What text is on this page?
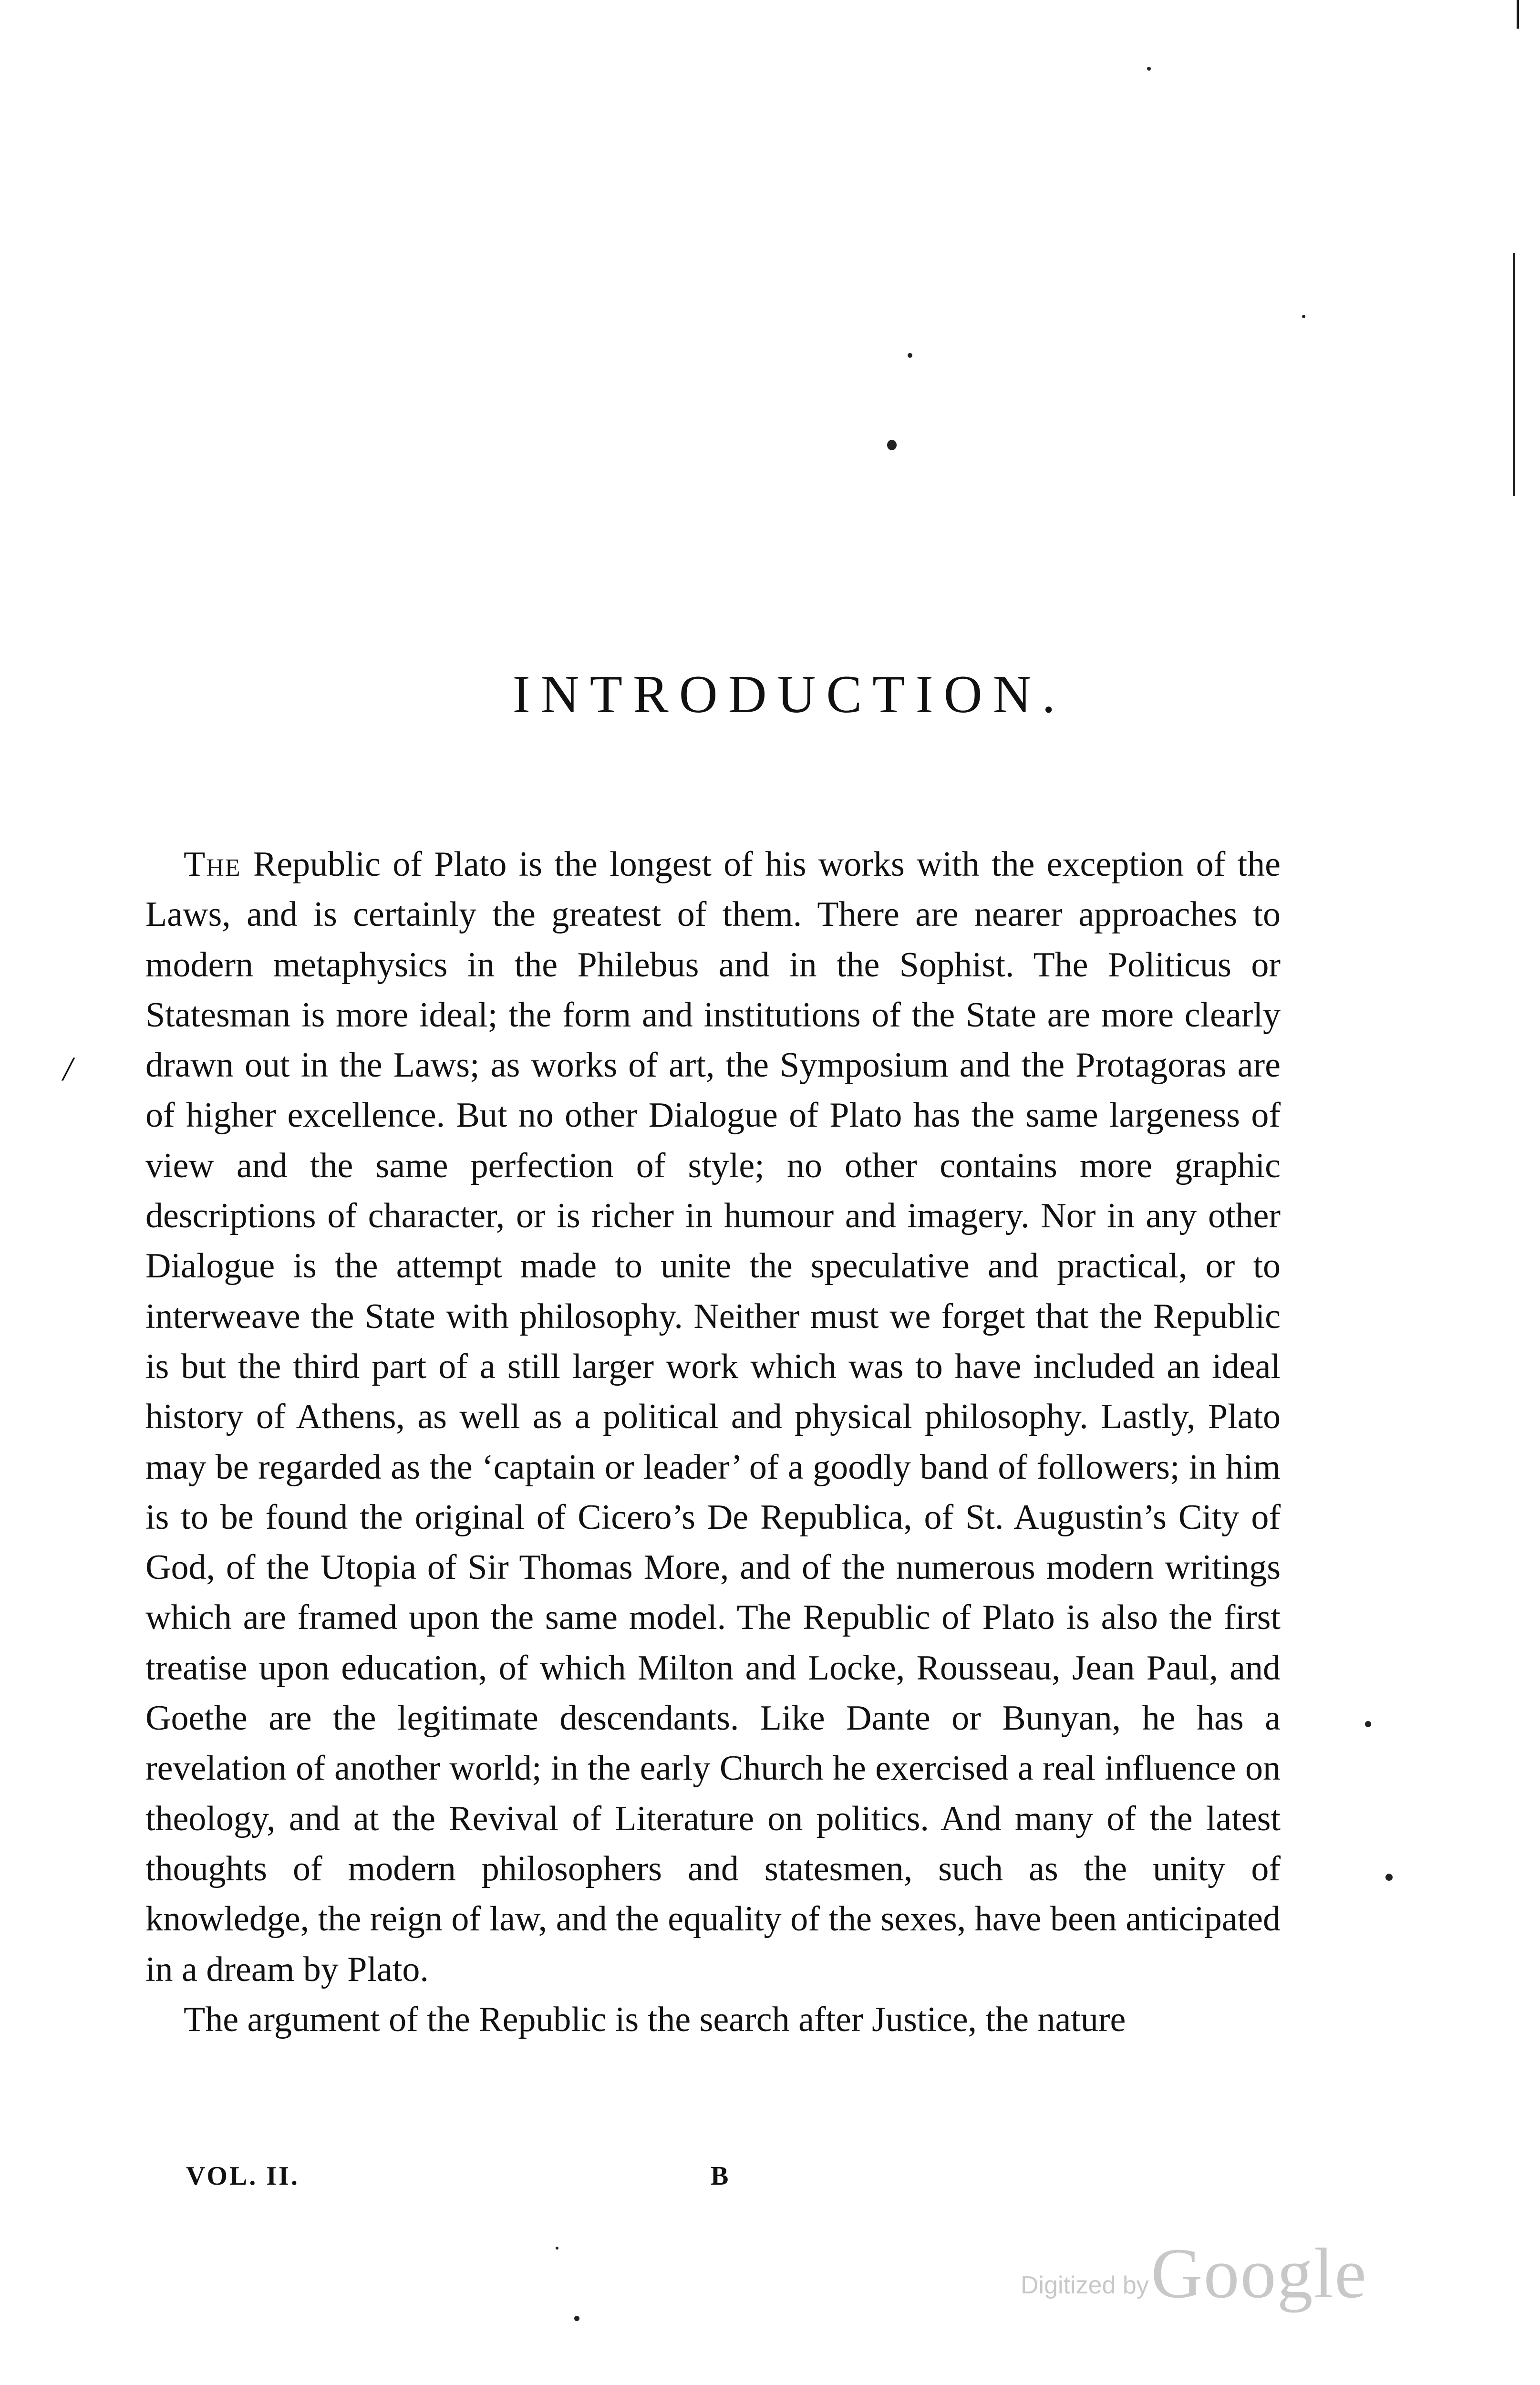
INTRODUCTION.
/

The Republic of Plato is the longest of his works with the exception of the Laws, and is certainly the greatest of them. There are nearer approaches to modern metaphysics in the Philebus and in the Sophist. The Politicus or Statesman is more ideal; the form and institutions of the State are more clearly drawn out in the Laws; as works of art, the Symposium and the Protagoras are of higher excellence. But no other Dialogue of Plato has the same largeness of view and the same perfection of style; no other contains more graphic descriptions of character, or is richer in humour and imagery. Nor in any other Dialogue is the attempt made to unite the speculative and practical, or to interweave the State with philosophy. Neither must we forget that the Republic is but the third part of a still larger work which was to have included an ideal history of Athens, as well as a political and physical philosophy. Lastly, Plato may be regarded as the ‘captain or leader’ of a goodly band of followers; in him is to be found the original of Cicero’s De Republica, of St. Augustin’s City of God, of the Utopia of Sir Thomas More, and of the numerous modern writings which are framed upon the same model. The Republic of Plato is also the first treatise upon education, of which Milton and Locke, Rousseau, Jean Paul, and Goethe are the legitimate descendants. Like Dante or Bunyan, he has a revelation of another world; in the early Church he exercised a real influence on theology, and at the Revival of Literature on politics. And many of the latest thoughts of modern philosophers and statesmen, such as the unity of knowledge, the reign of law, and the equality of the sexes, have been anticipated in a dream by Plato.

The argument of the Republic is the search after Justice, the nature

VOL. II.	B
Digitized by Google
